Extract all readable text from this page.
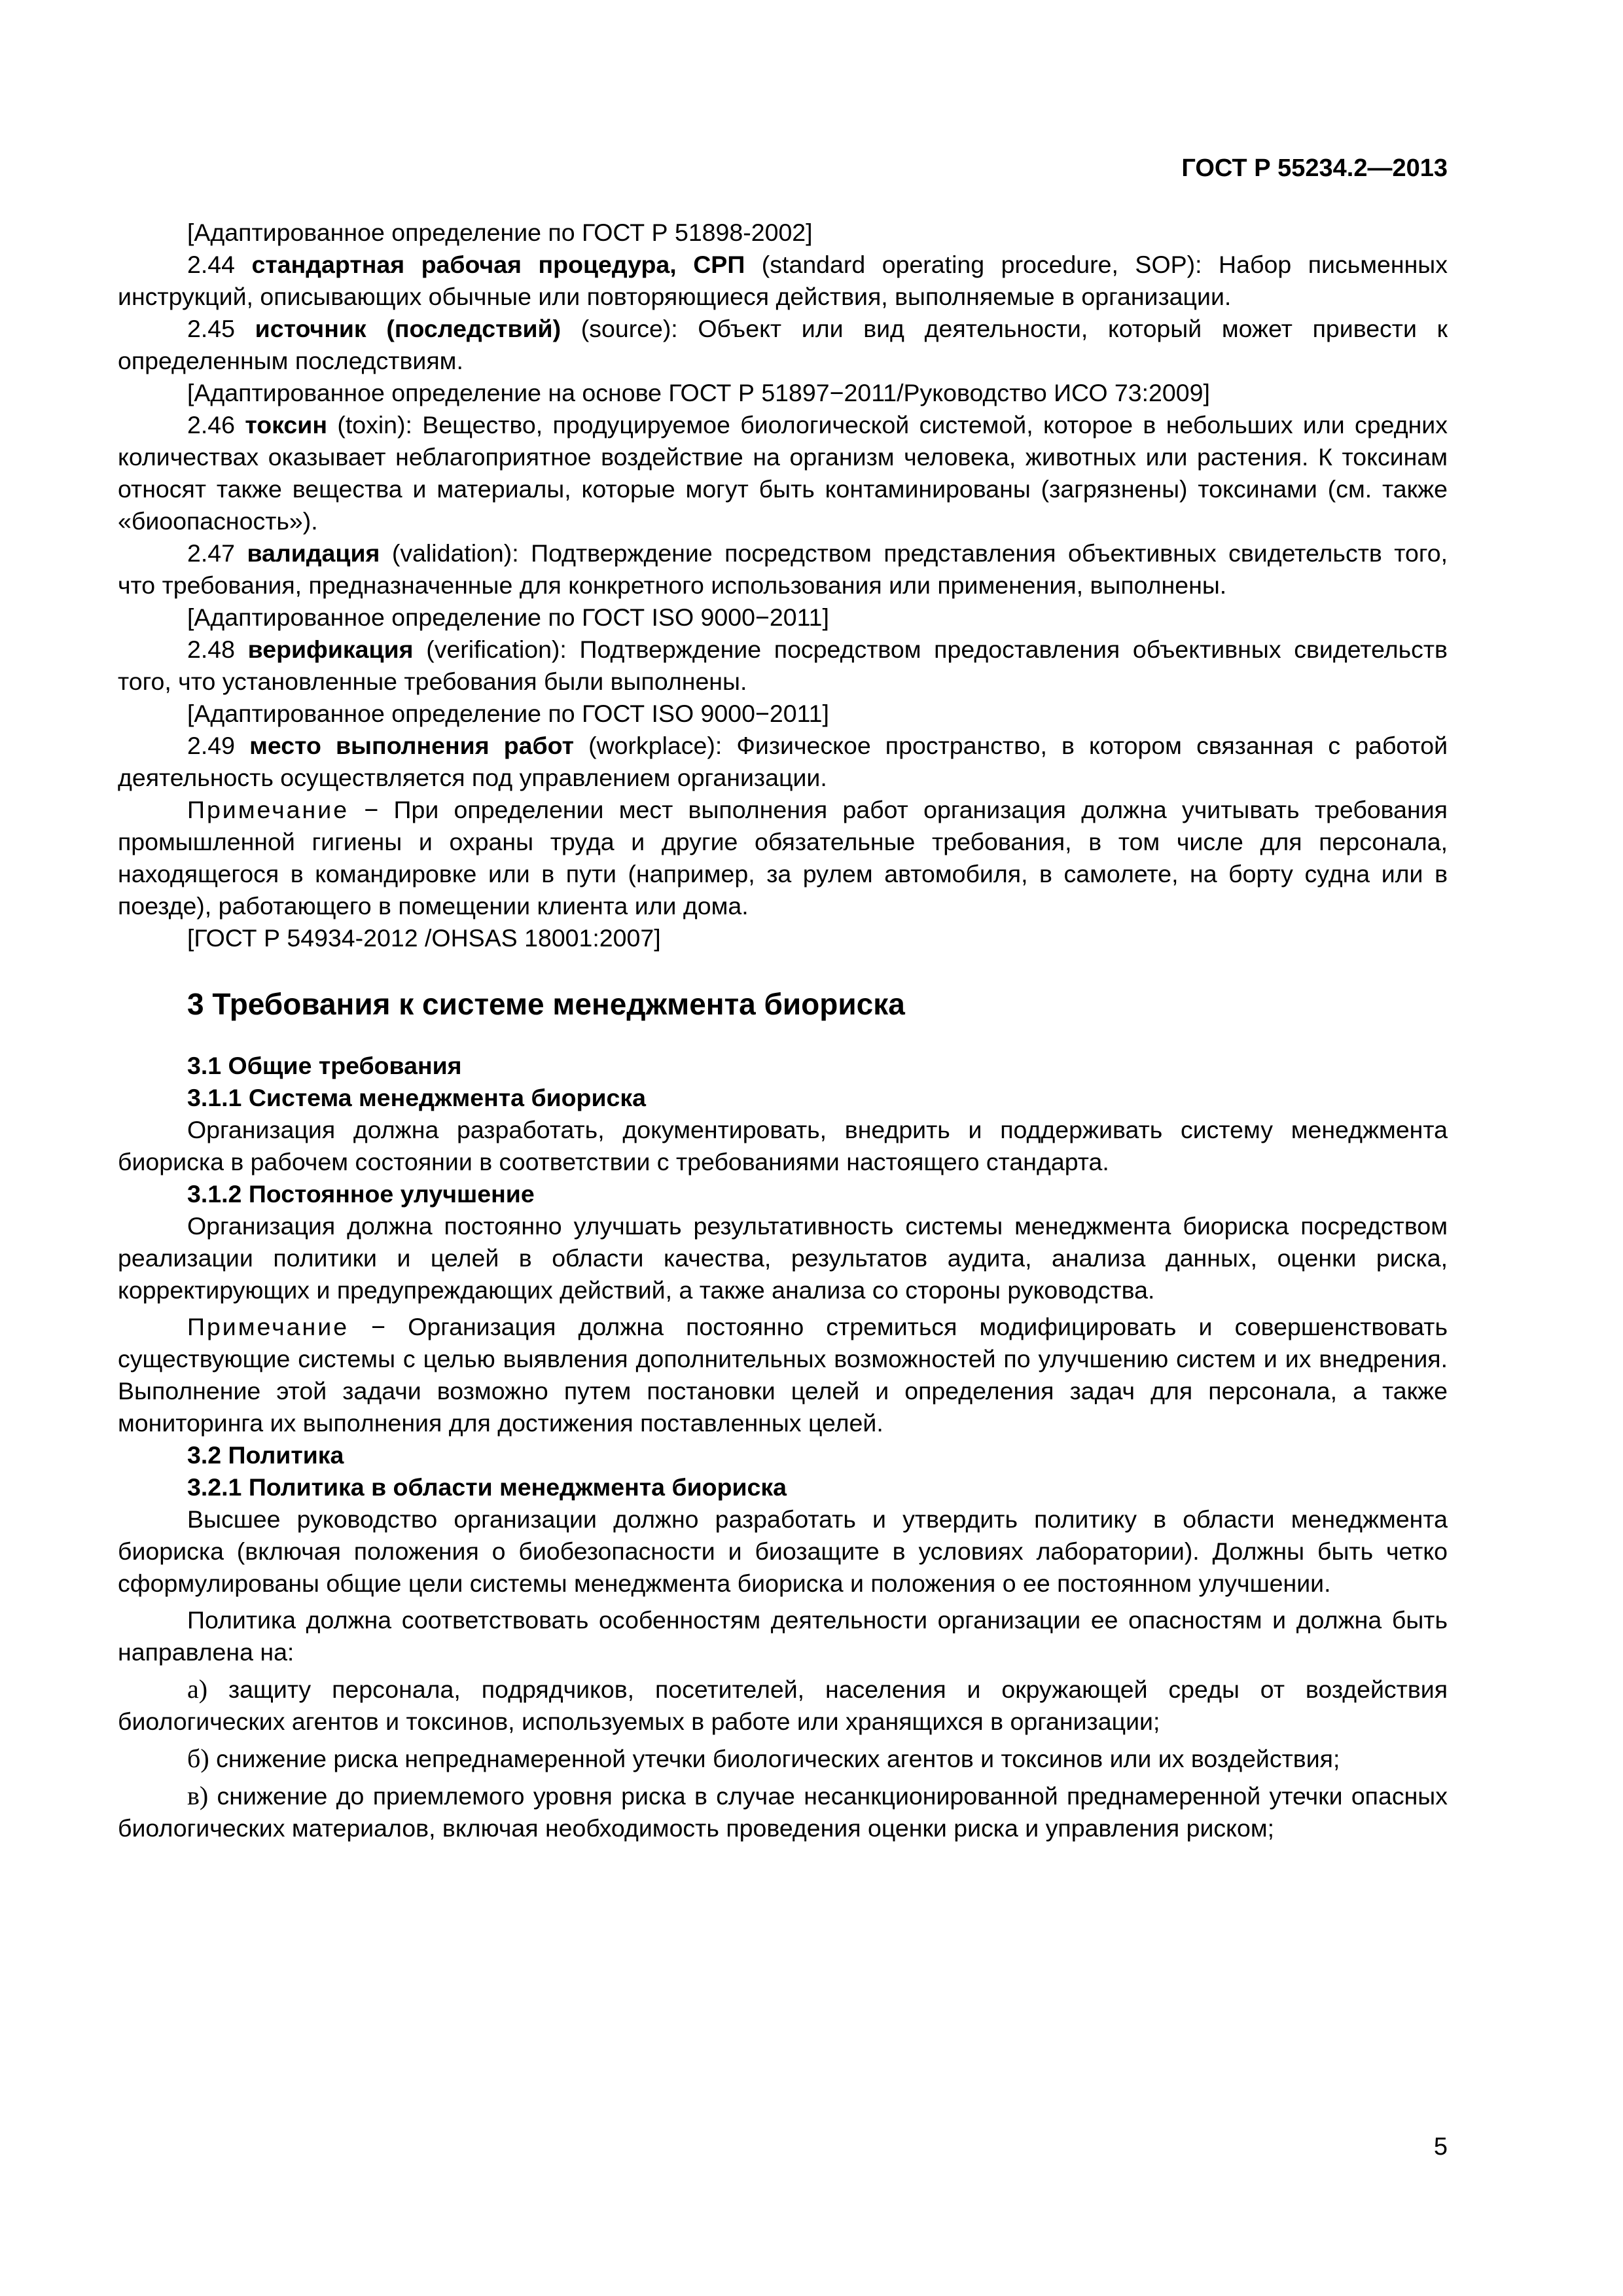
ГОСТ Р 55234.2—2013

[Адаптированное определение по ГОСТ Р 51898-2002]

2.44 стандартная рабочая процедура, СРП (standard operating procedure, SOP): Набор письменных инструкций, описывающих обычные или повторяющиеся действия, выполняемые в организации.

2.45 источник (последствий) (source): Объект или вид деятельности, который может привести к определенным последствиям.

[Адаптированное определение на основе ГОСТ Р 51897−2011/Руководство ИСО 73:2009]

2.46 токсин (toxin): Вещество, продуцируемое биологической системой, которое в небольших или средних количествах оказывает неблагоприятное воздействие на организм человека, животных или растения. К токсинам относят также вещества и материалы, которые могут быть контаминированы (загрязнены) токсинами (см. также «биоопасность»).

2.47 валидация (validation): Подтверждение посредством представления объективных свидетельств того, что требования, предназначенные для конкретного использования или применения, выполнены.

[Адаптированное определение по ГОСТ ISO 9000−2011]

2.48 верификация (verification): Подтверждение посредством предоставления объективных свидетельств того, что установленные требования были выполнены.

[Адаптированное определение по ГОСТ ISO 9000−2011]

2.49 место выполнения работ (workplace): Физическое пространство, в котором связанная с работой деятельность осуществляется под управлением организации.

Примечание − При определении мест выполнения работ организация должна учитывать требования промышленной гигиены и охраны труда и другие обязательные требования, в том числе для персонала, находящегося в командировке или в пути (например, за рулем автомобиля, в самолете, на борту судна или в поезде), работающего в помещении клиента или дома.

[ГОСТ Р 54934-2012 /OHSAS 18001:2007]

3 Требования к системе менеджмента биориска

3.1 Общие требования

3.1.1 Система менеджмента биориска

Организация должна разработать, документировать, внедрить и поддерживать систему менеджмента биориска в рабочем состоянии в соответствии с требованиями настоящего стандарта.

3.1.2 Постоянное улучшение

Организация должна постоянно улучшать результативность системы менеджмента биориска посредством реализации политики и целей в области качества, результатов аудита, анализа данных, оценки риска, корректирующих и предупреждающих действий, а также анализа со стороны руководства.

Примечание − Организация должна постоянно стремиться модифицировать и совершенствовать существующие системы с целью выявления дополнительных возможностей по улучшению систем и их внедрения. Выполнение этой задачи возможно путем постановки целей и определения задач для персонала, а также мониторинга их выполнения для достижения поставленных целей.

3.2 Политика

3.2.1 Политика в области менеджмента биориска

Высшее руководство организации должно разработать и утвердить политику в области менеджмента биориска (включая положения о биобезопасности и биозащите в условиях лаборатории). Должны быть четко сформулированы общие цели системы менеджмента биориска и положения о ее постоянном улучшении.

Политика должна соответствовать особенностям деятельности организации ее опасностям и должна быть направлена на:

а) защиту персонала, подрядчиков, посетителей, населения и окружающей среды от воздействия биологических агентов и токсинов, используемых в работе или хранящихся в организации;

б) снижение риска непреднамеренной утечки биологических агентов и токсинов или их воздействия;

в) снижение до приемлемого уровня риска в случае несанкционированной преднамеренной утечки опасных биологических материалов, включая необходимость проведения оценки риска и управления риском;

5
